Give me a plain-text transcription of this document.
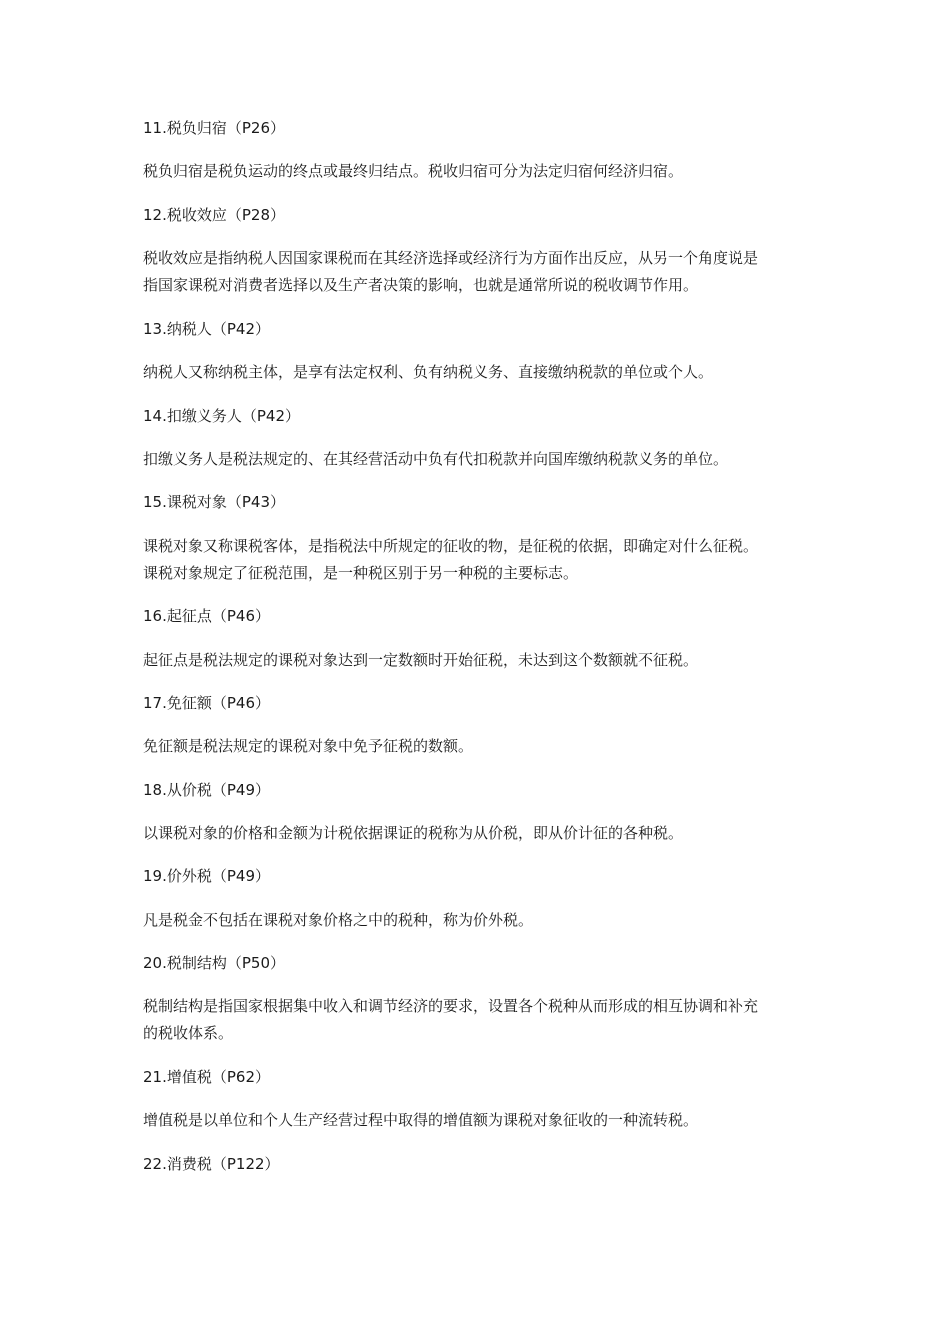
11.税负归宿（P26）
税负归宿是税负运动的终点或最终归结点。税收归宿可分为法定归宿何经济归宿。
12.税收效应（P28）
税收效应是指纳税人因国家课税而在其经济选择或经济行为方面作出反应，从另一个角度说是
指国家课税对消费者选择以及生产者决策的影响，也就是通常所说的税收调节作用。
13.纳税人（P42）
纳税人又称纳税主体，是享有法定权利、负有纳税义务、直接缴纳税款的单位或个人。
14.扣缴义务人（P42）
扣缴义务人是税法规定的、在其经营活动中负有代扣税款并向国库缴纳税款义务的单位。
15.课税对象（P43）
课税对象又称课税客体，是指税法中所规定的征收的物，是征税的依据，即确定对什么征税。
课税对象规定了征税范围，是一种税区别于另一种税的主要标志。
16.起征点（P46）
起征点是税法规定的课税对象达到一定数额时开始征税，未达到这个数额就不征税。
17.免征额（P46）
免征额是税法规定的课税对象中免予征税的数额。
18.从价税（P49）
以课税对象的价格和金额为计税依据课证的税称为从价税，即从价计征的各种税。
19.价外税（P49）
凡是税金不包括在课税对象价格之中的税种，称为价外税。
20.税制结构（P50）
税制结构是指国家根据集中收入和调节经济的要求，设置各个税种从而形成的相互协调和补充
的税收体系。
21.增值税（P62）
增值税是以单位和个人生产经营过程中取得的增值额为课税对象征收的一种流转税。
22.消费税（P122）
